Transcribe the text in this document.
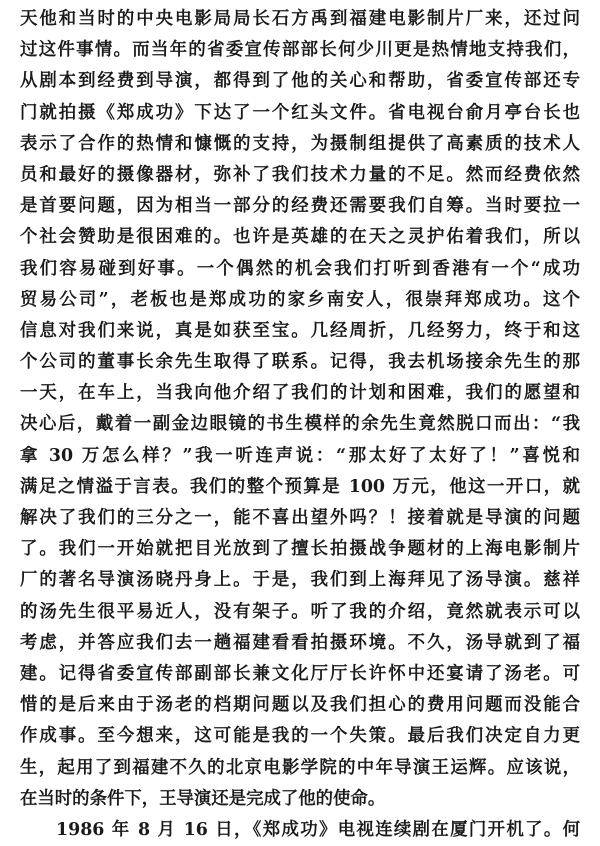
天他和当时的中央电影局局长石方禹到福建电影制片厂来，还过问
过这件事情。而当年的省委宣传部部长何少川更是热情地支持我们，
从剧本到经费到导演，都得到了他的关心和帮助，省委宣传部还专
门就拍摄《郑成功》下达了一个红头文件。省电视台俞月亭台长也
表示了合作的热情和慷慨的支持，为摄制组提供了高素质的技术人
员和最好的摄像器材，弥补了我们技术力量的不足。然而经费依然
是首要问题，因为相当一部分的经费还需要我们自筹。当时要拉一
个社会赞助是很困难的。也许是英雄的在天之灵护佑着我们，所以
我们容易碰到好事。一个偶然的机会我们打听到香港有一个“成功
贸易公司”，老板也是郑成功的家乡南安人，很崇拜郑成功。这个
信息对我们来说，真是如获至宝。几经周折，几经努力，终于和这
个公司的董事长余先生取得了联系。记得，我去机场接余先生的那
一天，在车上，当我向他介绍了我们的计划和困难，我们的愿望和
决心后，戴着一副金边眼镜的书生模样的余先生竟然脱口而出：“我
拿 30 万怎么样？”我一听连声说：“那太好了太好了！”喜悦和
满足之情溢于言表。我们的整个预算是 100 万元，他这一开口，就
解决了我们的三分之一，能不喜出望外吗？！接着就是导演的问题
了。我们一开始就把目光放到了擅长拍摄战争题材的上海电影制片
厂的著名导演汤晓丹身上。于是，我们到上海拜见了汤导演。慈祥
的汤先生很平易近人，没有架子。听了我的介绍，竟然就表示可以
考虑，并答应我们去一趟福建看看拍摄环境。不久，汤导就到了福
建。记得省委宣传部副部长兼文化厅厅长许怀中还宴请了汤老。可
惜的是后来由于汤老的档期问题以及我们担心的费用问题而没能合
作成事。至今想来，这可能是我的一个失策。最后我们决定自力更
生，起用了到福建不久的北京电影学院的中年导演王运辉。应该说，
在当时的条件下，王导演还是完成了他的使命。
1986 年 8 月 16 日，《郑成功》电视连续剧在厦门开机了。何
